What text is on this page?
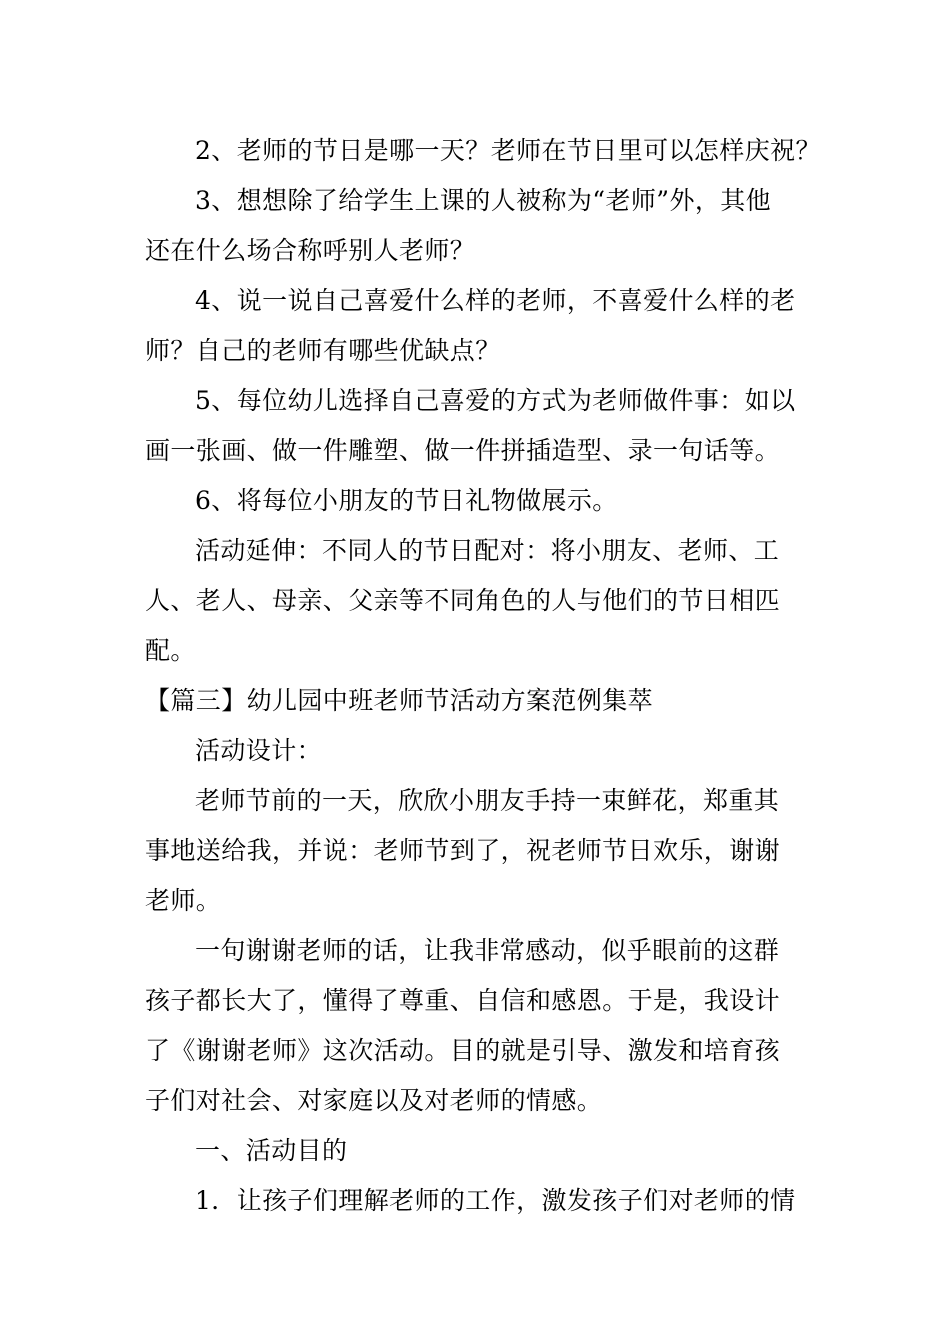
2、老师的节日是哪一天？老师在节日里可以怎样庆祝？
3、想想除了给学生上课的人被称为“老师”外，其他
还在什么场合称呼别人老师？
4、说一说自己喜爱什么样的老师，不喜爱什么样的老
师？自己的老师有哪些优缺点？
5、每位幼儿选择自己喜爱的方式为老师做件事：如以
画一张画、做一件雕塑、做一件拼插造型、录一句话等。
6、将每位小朋友的节日礼物做展示。
活动延伸：不同人的节日配对：将小朋友、老师、工
人、老人、母亲、父亲等不同角色的人与他们的节日相匹
配。
【篇三】幼儿园中班老师节活动方案范例集萃
活动设计：
老师节前的一天，欣欣小朋友手持一束鲜花，郑重其
事地送给我，并说：老师节到了，祝老师节日欢乐，谢谢
老师。
一句谢谢老师的话，让我非常感动，似乎眼前的这群
孩子都长大了，懂得了尊重、自信和感恩。于是，我设计
了《谢谢老师》这次活动。目的就是引导、激发和培育孩
子们对社会、对家庭以及对老师的情感。
一、活动目的
1．让孩子们理解老师的工作，激发孩子们对老师的情
